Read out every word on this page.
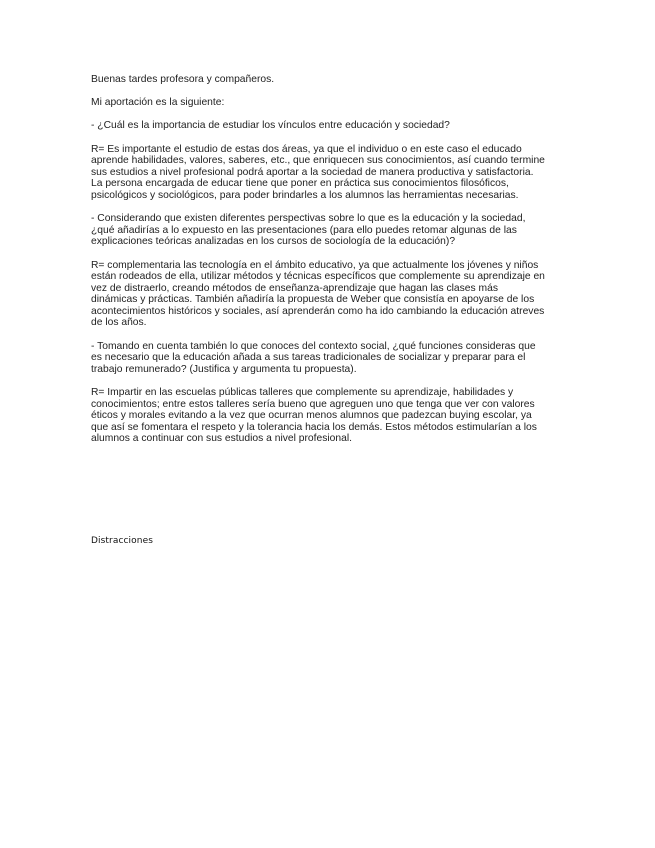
Buenas tardes profesora y compañeros.
Mi aportación es la siguiente:
- ¿Cuál es la importancia de estudiar los vínculos entre educación y sociedad?
R= Es importante el estudio de estas dos áreas, ya que el individuo o en este caso el educado
aprende habilidades, valores, saberes, etc., que enriquecen sus conocimientos, así cuando termine
sus estudios a nivel profesional podrá aportar a la sociedad de manera productiva y satisfactoria.
La persona encargada de educar tiene que poner en práctica sus conocimientos filosóficos,
psicológicos y sociológicos, para poder brindarles a los alumnos las herramientas necesarias.
- Considerando que existen diferentes perspectivas sobre lo que es la educación y la sociedad,
¿qué añadirías a lo expuesto en las presentaciones (para ello puedes retomar algunas de las
explicaciones teóricas analizadas en los cursos de sociología de la educación)?
R= complementaria las tecnología en el ámbito educativo, ya que actualmente los jóvenes y niños
están rodeados de ella, utilizar métodos y técnicas específicos que complemente su aprendizaje en
vez de distraerlo, creando métodos de enseñanza-aprendizaje que hagan las clases más
dinámicas y prácticas. También añadiría la propuesta de Weber que consistía en apoyarse de los
acontecimientos históricos y sociales, así aprenderán como ha ido cambiando la educación atreves
de los años.
- Tomando en cuenta también lo que conoces del contexto social, ¿qué funciones consideras que
es necesario que la educación añada a sus tareas tradicionales de socializar y preparar para el
trabajo remunerado? (Justifica y argumenta tu propuesta).
R= Impartir en las escuelas públicas talleres que complemente su aprendizaje, habilidades y
conocimientos; entre estos talleres sería bueno que agreguen uno que tenga que ver con valores
éticos y morales evitando a la vez que ocurran menos alumnos que padezcan buying escolar, ya
que así se fomentara el respeto y la tolerancia hacia los demás. Estos métodos estimularían a los
alumnos a continuar con sus estudios a nivel profesional.
Distracciones
